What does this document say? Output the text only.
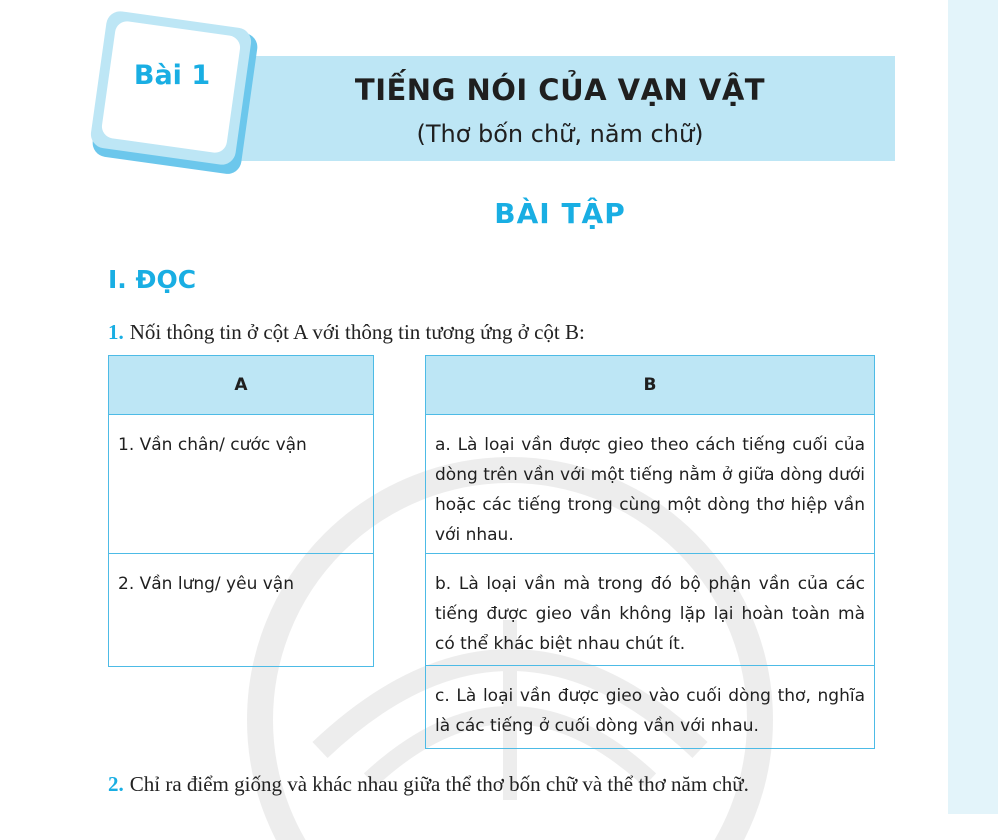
Bài 1	TIẾNG NÓI CỦA VẠN VẬT
(Thơ bốn chữ, năm chữ)
BÀI TẬP
I. ĐỌC
1. Nối thông tin ở cột A với thông tin tương ứng ở cột B:
A
1. Vần chân/ cước vận
2. Vần lưng/ yêu vận
B
a. Là loại vần được gieo theo cách tiếng cuối của dòng trên vần với một tiếng nằm ở giữa dòng dưới hoặc các tiếng trong cùng một dòng thơ hiệp vần với nhau.
b. Là loại vần mà trong đó bộ phận vần của các tiếng được gieo vần không lặp lại hoàn toàn mà có thể khác biệt nhau chút ít.
c. Là loại vần được gieo vào cuối dòng thơ, nghĩa là các tiếng ở cuối dòng vần với nhau.
2. Chỉ ra điểm giống và khác nhau giữa thể thơ bốn chữ và thể thơ năm chữ.
